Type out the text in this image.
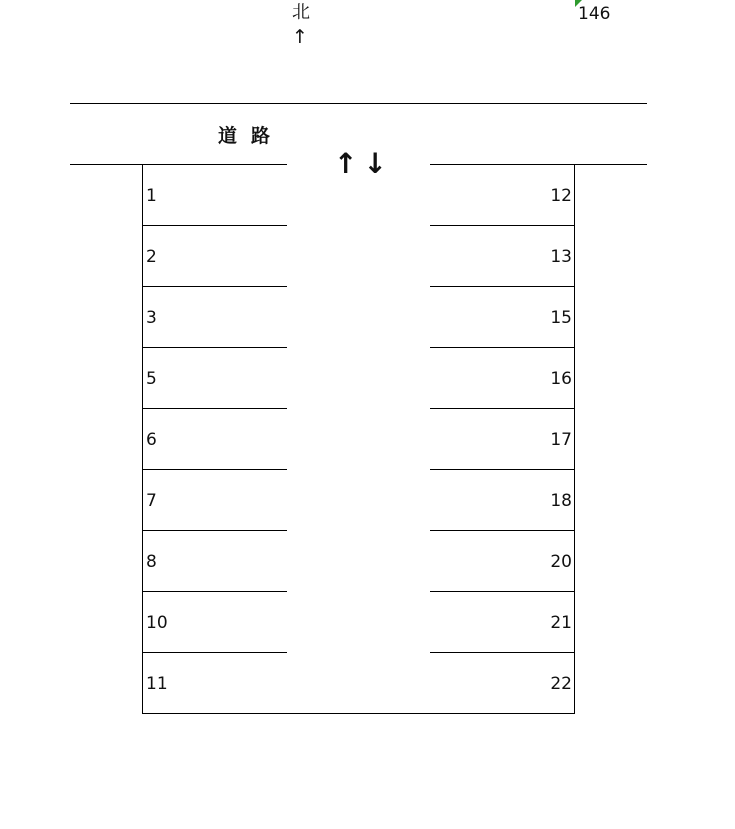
146
北
↑
道路
↑↓
1	12
2	13
3	15
5	16
6	17
7	18
8	20
10	21
11	22
